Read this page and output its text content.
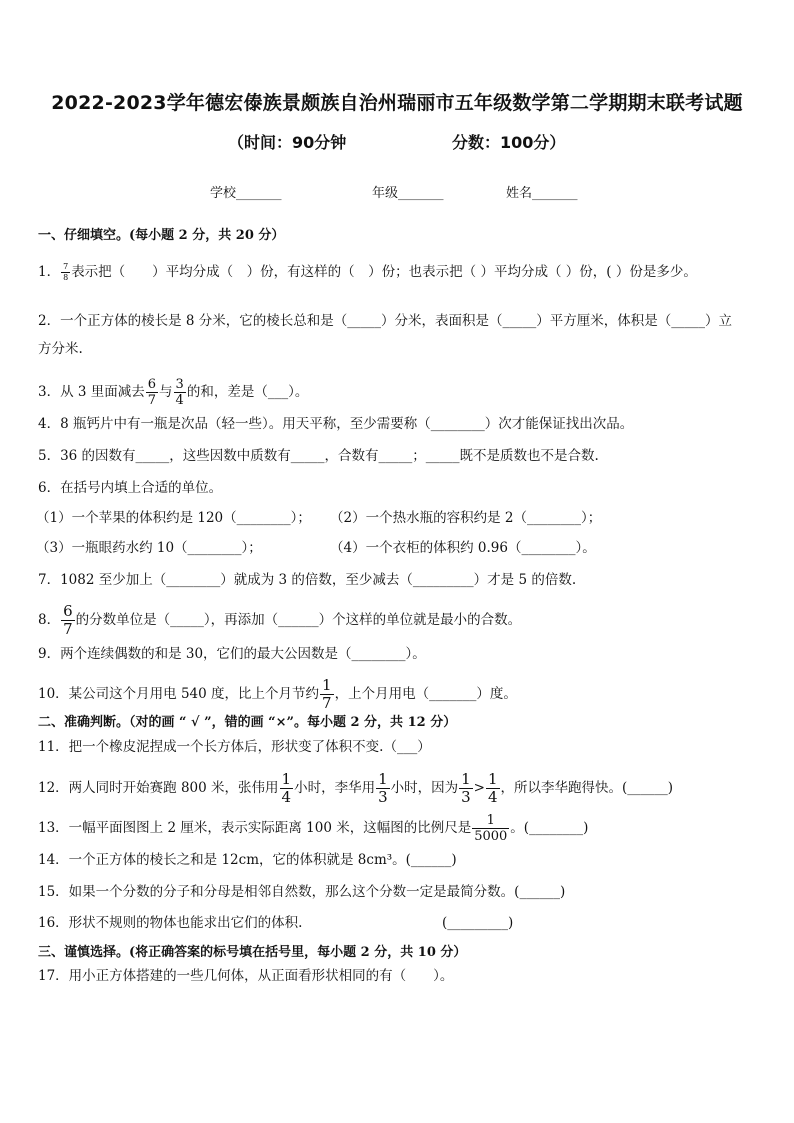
2022-2023学年德宏傣族景颇族自治州瑞丽市五年级数学第二学期期末联考试题
（时间：90分钟	分数：100分）
学校_______	年级_______	姓名_______
一、仔细填空。(每小题 2 分，共 20 分）
1． $\frac{7}{8}$ 表示把（　　）平均分成（　）份，有这样的（　）份；也表示把（ ）平均分成（ ）份，( ）份是多少。
2．一个正方体的棱长是 8 分米，它的棱长总和是（_____）分米，表面积是（_____）平方厘米，体积是（_____）立
方分米.
3．从 3 里面减去 $\frac{6}{7}$ 与 $\frac{3}{4}$ 的和，差是（___）。
4．8 瓶钙片中有一瓶是次品（轻一些）。用天平称，至少需要称（________）次才能保证找出次品。
5．36 的因数有_____，这些因数中质数有_____，合数有_____；_____既不是质数也不是合数.
6．在括号内填上合适的单位。
（1）一个苹果的体积约是 120（________）； （2）一个热水瓶的容积约是 2（________）；
（3）一瓶眼药水约 10（________）；	（4）一个衣柜的体积约 0.96（________）。
7．1082 至少加上（________）就成为 3 的倍数，至少减去（_________）才是 5 的倍数.
8． $\frac{6}{7}$ 的分数单位是（_____），再添加（______）个这样的单位就是最小的合数。
9．两个连续偶数的和是 30，它们的最大公因数是（________）。
10．某公司这个月用电 540 度，比上个月节约 $\frac{1}{7}$ ，上个月用电（_______）度。
二、准确判断。（对的画 “ √ ”，错的画 “×”。每小题 2 分，共 12 分）
11．把一个橡皮泥捏成一个长方体后，形状变了体积不变.（___）
12．两人同时开始赛跑 800 米，张伟用 $\frac{1}{4}$ 小时，李华用 $\frac{1}{3}$ 小时，因为 $\frac{1}{3} > \frac{1}{4}$ ，所以李华跑得快。(______)
13．一幅平面图图上 2 厘米，表示实际距离 100 米，这幅图的比例尺是 $\frac{1}{5000}$ 。(________)
14．一个正方体的棱长之和是 12cm，它的体积就是 8cm³。(______)
15．如果一个分数的分子和分母是相邻自然数，那么这个分数一定是最简分数。(______)
16．形状不规则的物体也能求出它们的体积.	(_________)
三、谨慎选择。(将正确答案的标号填在括号里，每小题 2 分，共 10 分）
17．用小正方体搭建的一些几何体，从正面看形状相同的有（　　）。
